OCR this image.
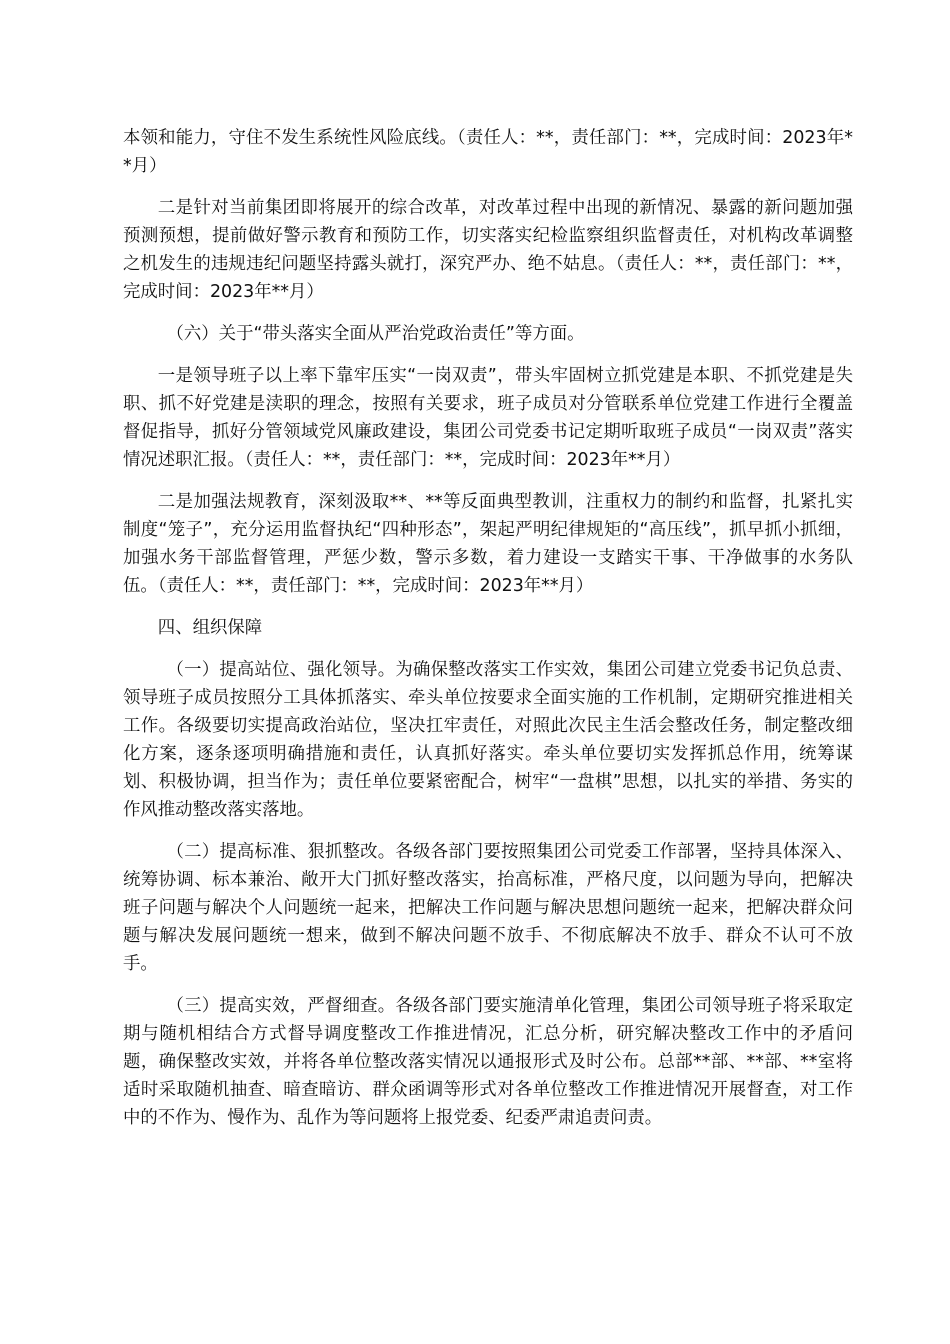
本领和能力，守住不发生系统性风险底线。（责任人：**，责任部门：**，完成时间：2023年**月）

二是针对当前集团即将展开的综合改革，对改革过程中出现的新情况、暴露的新问题加强预测预想，提前做好警示教育和预防工作，切实落实纪检监察组织监督责任，对机构改革调整之机发生的违规违纪问题坚持露头就打，深究严办、绝不姑息。（责任人：**，责任部门：**，完成时间：2023年**月）

（六）关于“带头落实全面从严治党政治责任”等方面。

一是领导班子以上率下靠牢压实“一岗双责”，带头牢固树立抓党建是本职、不抓党建是失职、抓不好党建是渎职的理念，按照有关要求，班子成员对分管联系单位党建工作进行全覆盖督促指导，抓好分管领域党风廉政建设，集团公司党委书记定期听取班子成员“一岗双责”落实情况述职汇报。（责任人：**，责任部门：**，完成时间：2023年**月）

二是加强法规教育，深刻汲取**、**等反面典型教训，注重权力的制约和监督，扎紧扎实制度“笼子”，充分运用监督执纪“四种形态”，架起严明纪律规矩的“高压线”，抓早抓小抓细，加强水务干部监督管理，严惩少数，警示多数，着力建设一支踏实干事、干净做事的水务队伍。（责任人：**，责任部门：**，完成时间：2023年**月）

四、组织保障

（一）提高站位、强化领导。为确保整改落实工作实效，集团公司建立党委书记负总责、领导班子成员按照分工具体抓落实、牵头单位按要求全面实施的工作机制，定期研究推进相关工作。各级要切实提高政治站位，坚决扛牢责任，对照此次民主生活会整改任务，制定整改细化方案，逐条逐项明确措施和责任，认真抓好落实。牵头单位要切实发挥抓总作用，统筹谋划、积极协调，担当作为；责任单位要紧密配合，树牢“一盘棋”思想，以扎实的举措、务实的作风推动整改落实落地。

（二）提高标准、狠抓整改。各级各部门要按照集团公司党委工作部署，坚持具体深入、统筹协调、标本兼治、敞开大门抓好整改落实，抬高标准，严格尺度，以问题为导向，把解决班子问题与解决个人问题统一起来，把解决工作问题与解决思想问题统一起来，把解决群众问题与解决发展问题统一想来，做到不解决问题不放手、不彻底解决不放手、群众不认可不放手。

（三）提高实效，严督细查。各级各部门要实施清单化管理，集团公司领导班子将采取定期与随机相结合方式督导调度整改工作推进情况，汇总分析，研究解决整改工作中的矛盾问题，确保整改实效，并将各单位整改落实情况以通报形式及时公布。总部**部、**部、**室将适时采取随机抽查、暗查暗访、群众函调等形式对各单位整改工作推进情况开展督查，对工作中的不作为、慢作为、乱作为等问题将上报党委、纪委严肃追责问责。
